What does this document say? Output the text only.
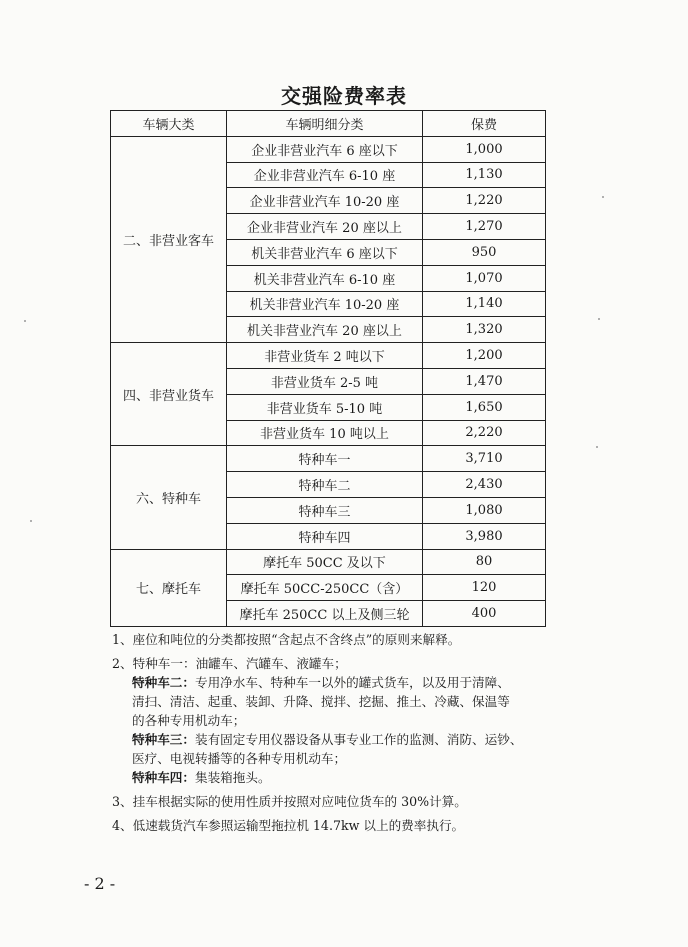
交强险费率表
车辆大类	车辆明细分类	保费
二、非营业客车	企业非营业汽车 6 座以下	1,000
	企业非营业汽车 6-10 座	1,130
	企业非营业汽车 10-20 座	1,220
	企业非营业汽车 20 座以上	1,270
	机关非营业汽车 6 座以下	950
	机关非营业汽车 6-10 座	1,070
	机关非营业汽车 10-20 座	1,140
	机关非营业汽车 20 座以上	1,320
四、非营业货车	非营业货车 2 吨以下	1,200
	非营业货车 2-5 吨	1,470
	非营业货车 5-10 吨	1,650
	非营业货车 10 吨以上	2,220
六、特种车	特种车一	3,710
	特种车二	2,430
	特种车三	1,080
	特种车四	3,980
七、摩托车	摩托车 50CC 及以下	80
	摩托车 50CC-250CC（含）	120
	摩托车 250CC 以上及侧三轮	400

1、座位和吨位的分类都按照“含起点不含终点”的原则来解释。

2、特种车一：油罐车、汽罐车、液罐车；

特种车二：专用净水车、特种车一以外的罐式货车，以及用于清障、

清扫、清洁、起重、装卸、升降、搅拌、挖掘、推土、冷藏、保温等

的各种专用机动车；

特种车三：装有固定专用仪器设备从事专业工作的监测、消防、运钞、

医疗、电视转播等的各种专用机动车；

特种车四：集装箱拖头。

3、挂车根据实际的使用性质并按照对应吨位货车的 30%计算。

4、低速载货汽车参照运输型拖拉机 14.7kw 以上的费率执行。

- 2 -
